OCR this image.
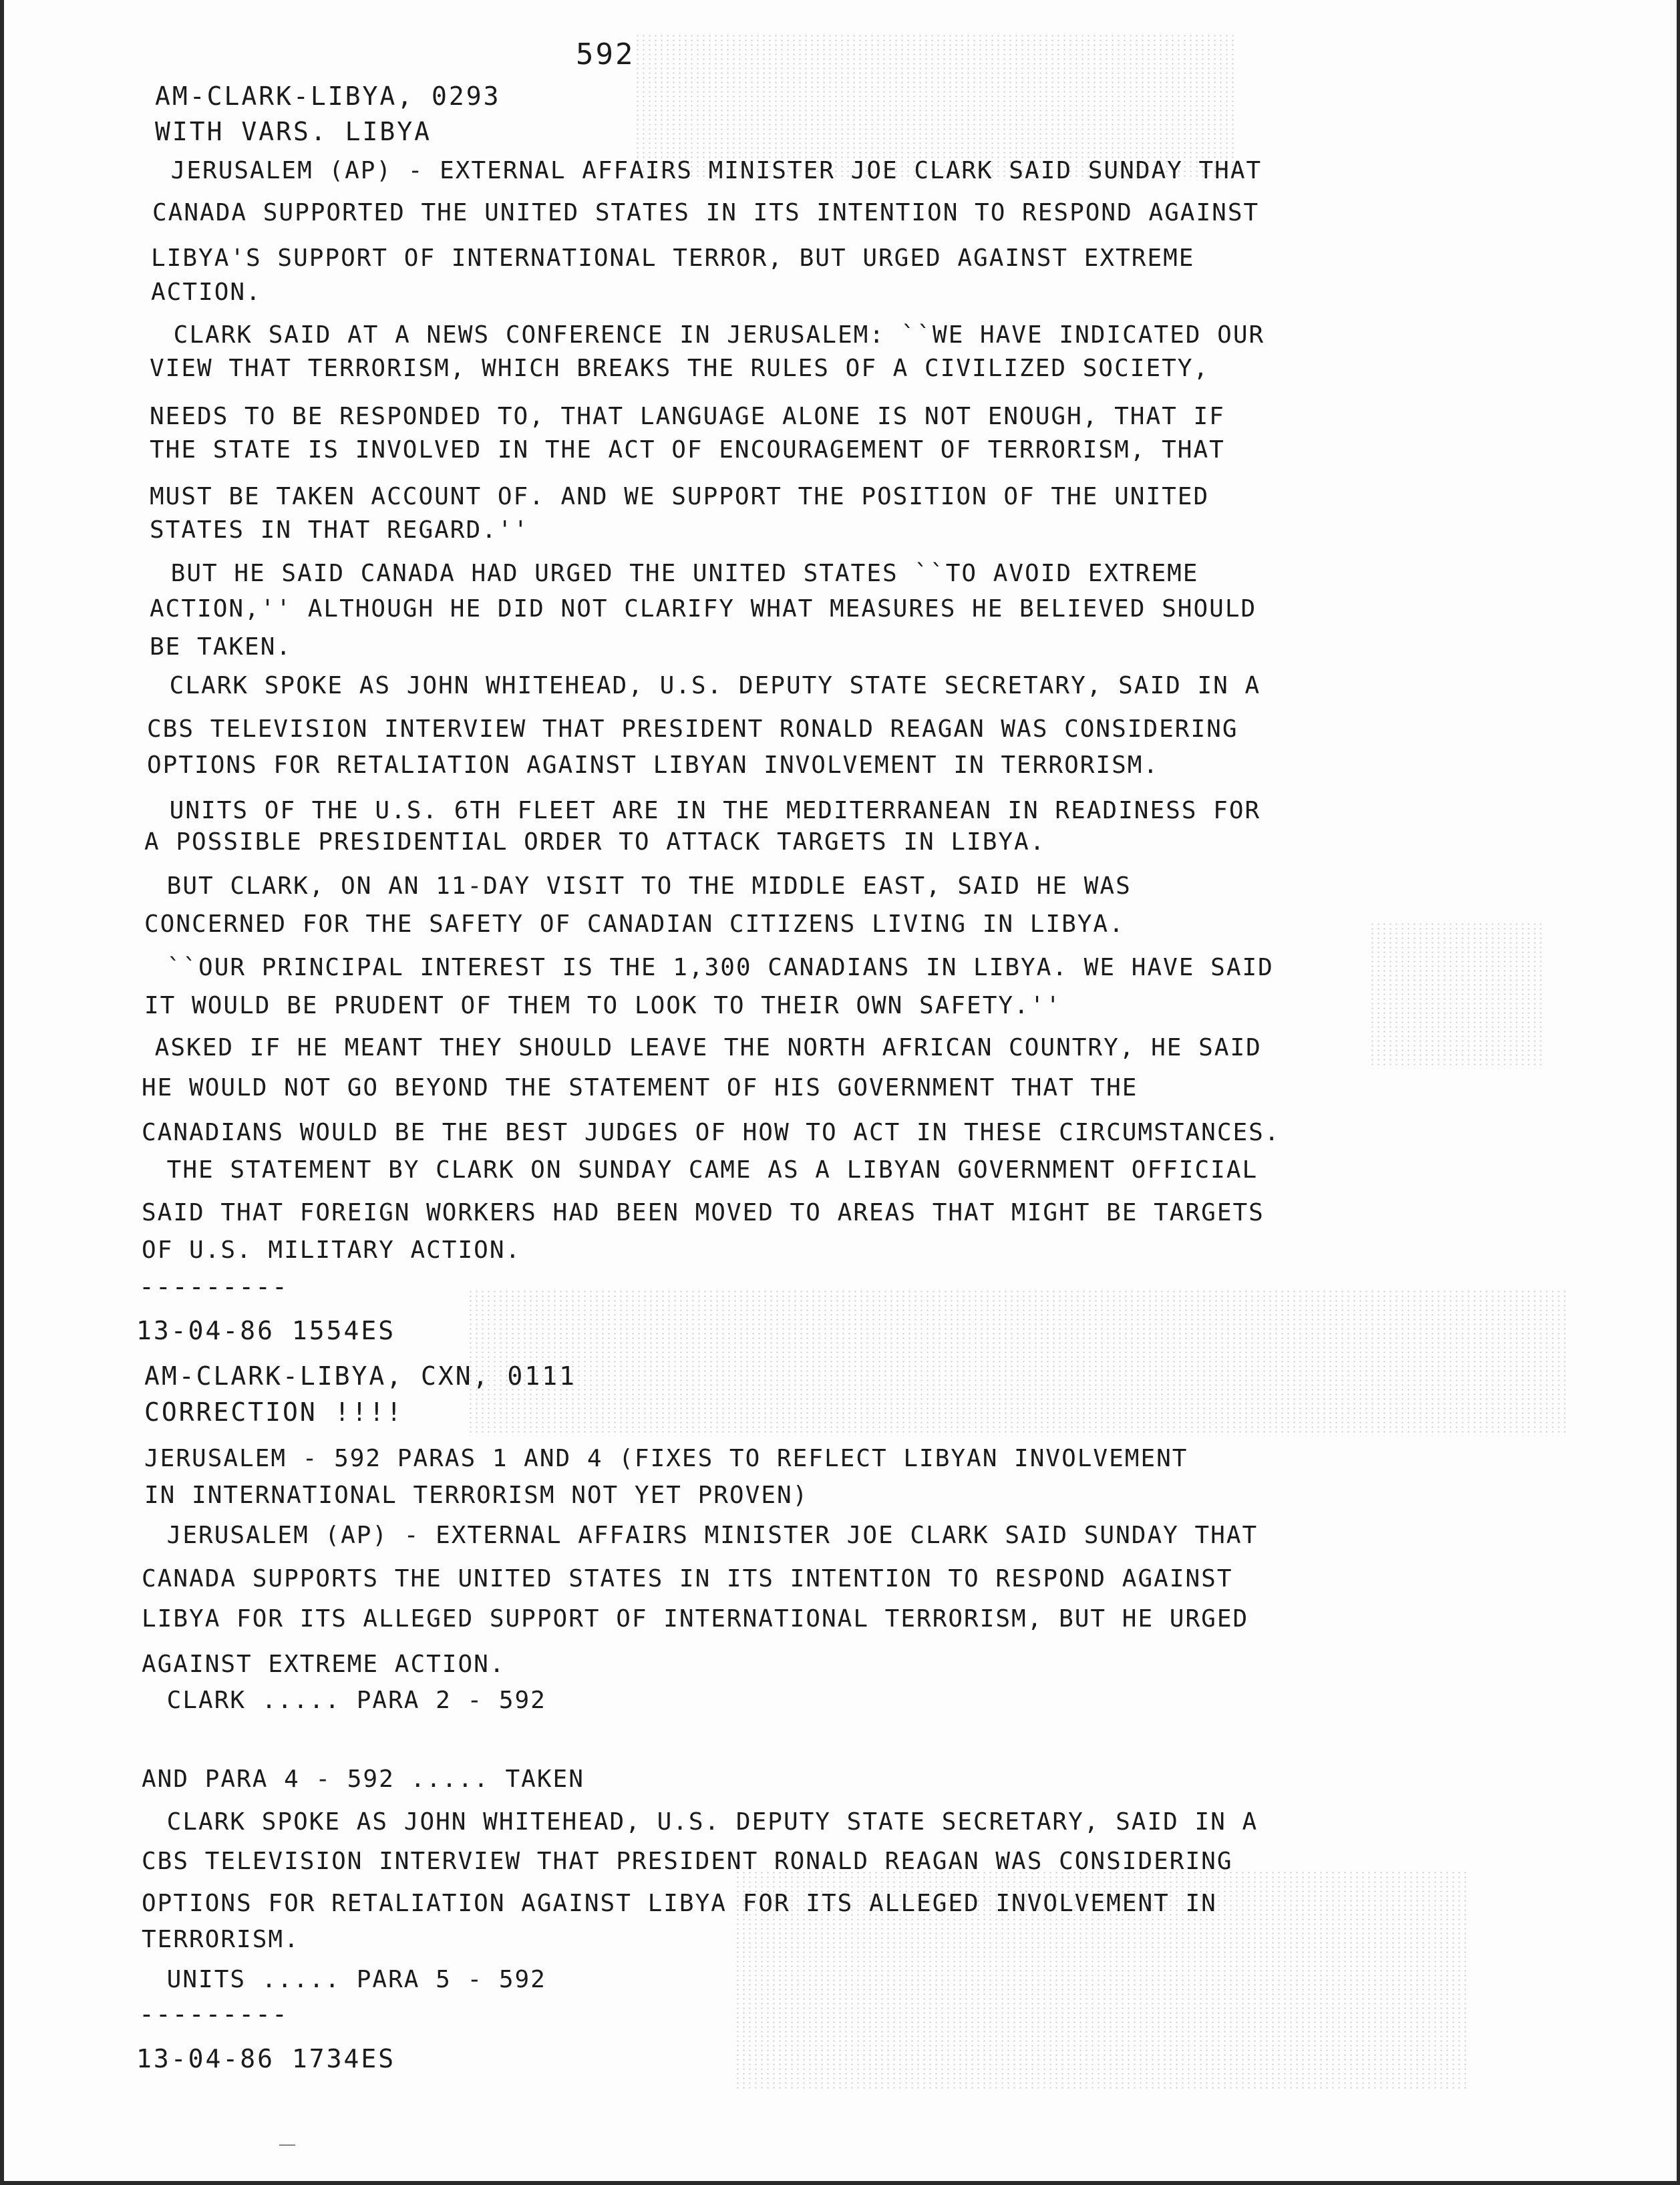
592
AM-CLARK-LIBYA, 0293
WITH VARS. LIBYA
JERUSALEM (AP) - EXTERNAL AFFAIRS MINISTER JOE CLARK SAID SUNDAY THAT
CANADA SUPPORTED THE UNITED STATES IN ITS INTENTION TO RESPOND AGAINST
LIBYA'S SUPPORT OF INTERNATIONAL TERROR, BUT URGED AGAINST EXTREME
ACTION.
CLARK SAID AT A NEWS CONFERENCE IN JERUSALEM: ``WE HAVE INDICATED OUR
VIEW THAT TERRORISM, WHICH BREAKS THE RULES OF A CIVILIZED SOCIETY,
NEEDS TO BE RESPONDED TO, THAT LANGUAGE ALONE IS NOT ENOUGH, THAT IF
THE STATE IS INVOLVED IN THE ACT OF ENCOURAGEMENT OF TERRORISM, THAT
MUST BE TAKEN ACCOUNT OF. AND WE SUPPORT THE POSITION OF THE UNITED
STATES IN THAT REGARD.''
BUT HE SAID CANADA HAD URGED THE UNITED STATES ``TO AVOID EXTREME
ACTION,'' ALTHOUGH HE DID NOT CLARIFY WHAT MEASURES HE BELIEVED SHOULD
BE TAKEN.
CLARK SPOKE AS JOHN WHITEHEAD, U.S. DEPUTY STATE SECRETARY, SAID IN A
CBS TELEVISION INTERVIEW THAT PRESIDENT RONALD REAGAN WAS CONSIDERING
OPTIONS FOR RETALIATION AGAINST LIBYAN INVOLVEMENT IN TERRORISM.
UNITS OF THE U.S. 6TH FLEET ARE IN THE MEDITERRANEAN IN READINESS FOR
A POSSIBLE PRESIDENTIAL ORDER TO ATTACK TARGETS IN LIBYA.
BUT CLARK, ON AN 11-DAY VISIT TO THE MIDDLE EAST, SAID HE WAS
CONCERNED FOR THE SAFETY OF CANADIAN CITIZENS LIVING IN LIBYA.
``OUR PRINCIPAL INTEREST IS THE 1,300 CANADIANS IN LIBYA. WE HAVE SAID
IT WOULD BE PRUDENT OF THEM TO LOOK TO THEIR OWN SAFETY.''
ASKED IF HE MEANT THEY SHOULD LEAVE THE NORTH AFRICAN COUNTRY, HE SAID
HE WOULD NOT GO BEYOND THE STATEMENT OF HIS GOVERNMENT THAT THE
CANADIANS WOULD BE THE BEST JUDGES OF HOW TO ACT IN THESE CIRCUMSTANCES.
THE STATEMENT BY CLARK ON SUNDAY CAME AS A LIBYAN GOVERNMENT OFFICIAL
SAID THAT FOREIGN WORKERS HAD BEEN MOVED TO AREAS THAT MIGHT BE TARGETS
OF U.S. MILITARY ACTION.
---------
13-04-86 1554ES
AM-CLARK-LIBYA, CXN, 0111
CORRECTION !!!!
JERUSALEM - 592 PARAS 1 AND 4 (FIXES TO REFLECT LIBYAN INVOLVEMENT
IN INTERNATIONAL TERRORISM NOT YET PROVEN)
JERUSALEM (AP) - EXTERNAL AFFAIRS MINISTER JOE CLARK SAID SUNDAY THAT
CANADA SUPPORTS THE UNITED STATES IN ITS INTENTION TO RESPOND AGAINST
LIBYA FOR ITS ALLEGED SUPPORT OF INTERNATIONAL TERRORISM, BUT HE URGED
AGAINST EXTREME ACTION.
CLARK ..... PARA 2 - 592
AND PARA 4 - 592 ..... TAKEN
CLARK SPOKE AS JOHN WHITEHEAD, U.S. DEPUTY STATE SECRETARY, SAID IN A
CBS TELEVISION INTERVIEW THAT PRESIDENT RONALD REAGAN WAS CONSIDERING
OPTIONS FOR RETALIATION AGAINST LIBYA FOR ITS ALLEGED INVOLVEMENT IN
TERRORISM.
UNITS ..... PARA 5 - 592
---------
13-04-86 1734ES
——
